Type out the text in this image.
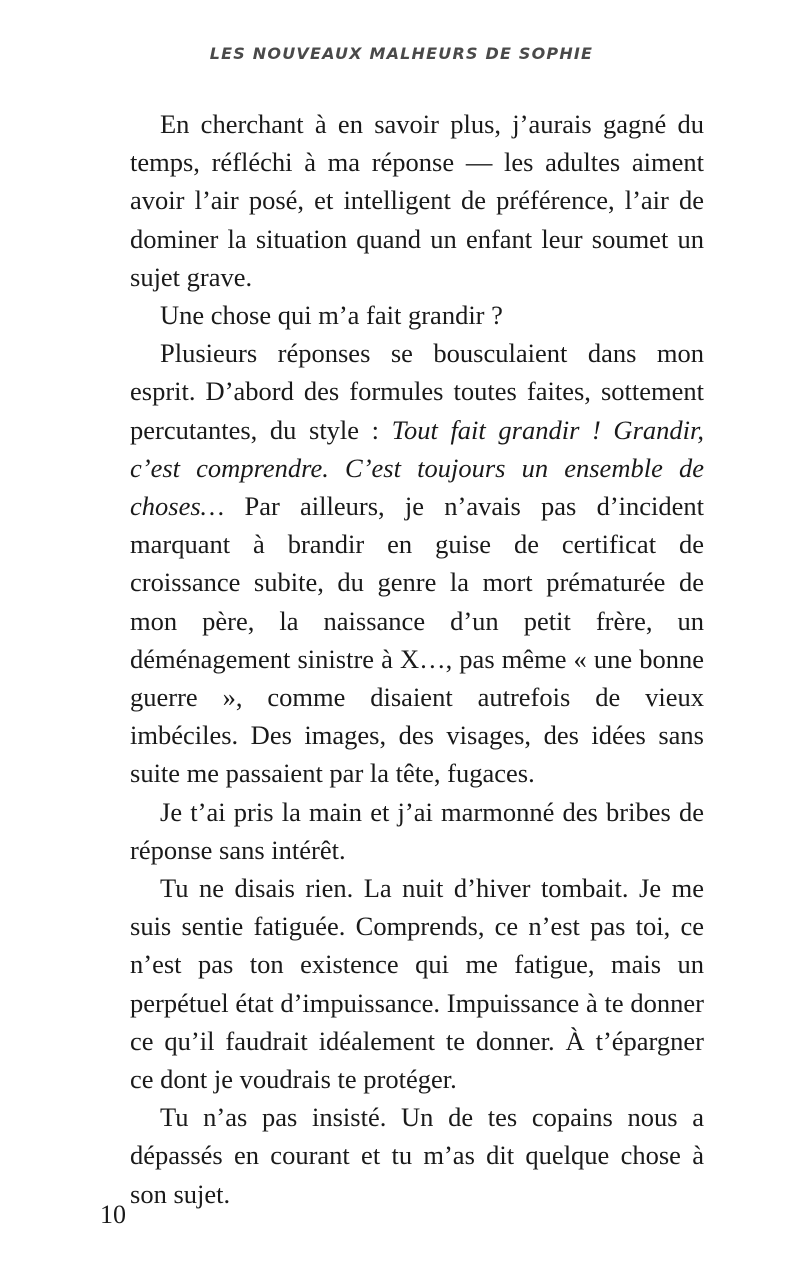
LES NOUVEAUX MALHEURS DE SOPHIE

En cherchant à en savoir plus, j’aurais gagné du temps, réfléchi à ma réponse — les adultes aiment avoir l’air posé, et intelligent de préférence, l’air de dominer la situation quand un enfant leur soumet un sujet grave.

Une chose qui m’a fait grandir ?

Plusieurs réponses se bousculaient dans mon esprit. D’abord des formules toutes faites, sottement percutantes, du style : Tout fait grandir ! Grandir, c’est comprendre. C’est toujours un ensemble de choses… Par ailleurs, je n’avais pas d’incident marquant à brandir en guise de certificat de croissance subite, du genre la mort prématurée de mon père, la naissance d’un petit frère, un déménagement sinistre à X…, pas même « une bonne guerre », comme disaient autrefois de vieux imbéciles. Des images, des visages, des idées sans suite me passaient par la tête, fugaces.

Je t’ai pris la main et j’ai marmonné des bribes de réponse sans intérêt.

Tu ne disais rien. La nuit d’hiver tombait. Je me suis sentie fatiguée. Comprends, ce n’est pas toi, ce n’est pas ton existence qui me fatigue, mais un perpétuel état d’impuissance. Impuissance à te donner ce qu’il faudrait idéalement te donner. À t’épargner ce dont je voudrais te protéger.

Tu n’as pas insisté. Un de tes copains nous a dépassés en courant et tu m’as dit quelque chose à son sujet.

10
